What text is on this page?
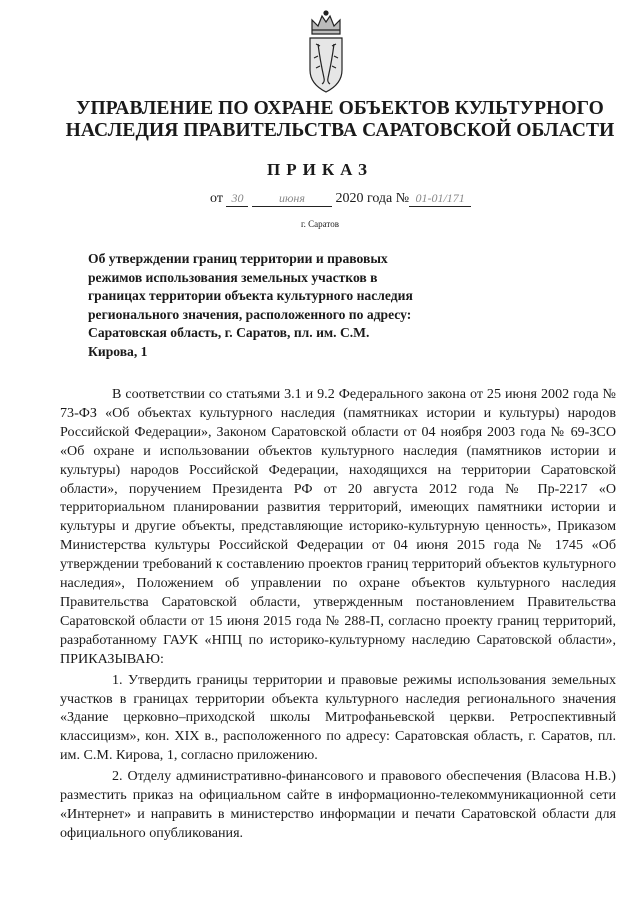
УПРАВЛЕНИЕ ПО ОХРАНЕ ОБЪЕКТОВ КУЛЬТУРНОГО
НАСЛЕДИЯ ПРАВИТЕЛЬСТВА САРАТОВСКОЙ ОБЛАСТИ
ПРИКАЗ
от 30	июня 2020 года № 01-01/171
г. Саратов
Об утверждении границ территории и правовых режимов использования земельных участков в границах территории объекта культурного наследия регионального значения, расположенного по адресу: Саратовская область, г. Саратов, пл. им. С.М. Кирова, 1

В соответствии со статьями 3.1 и 9.2 Федерального закона от 25 июня 2002 года № 73-ФЗ «Об объектах культурного наследия (памятниках истории и культуры) народов Российской Федерации», Законом Саратовской области от 04 ноября 2003 года № 69-ЗСО «Об охране и использовании объектов культурного наследия (памятников истории и культуры) народов Российской Федерации, находящихся на территории Саратовской области», поручением Президента РФ от 20 августа 2012 года № Пр-2217 «О территориальном планировании развития территорий, имеющих памятники истории и культуры и другие объекты, представляющие историко-культурную ценность», Приказом Министерства культуры Российской Федерации от 04 июня 2015 года № 1745 «Об утверждении требований к составлению проектов границ территорий объектов культурного наследия», Положением об управлении по охране объектов культурного наследия Правительства Саратовской области, утвержденным постановлением Правительства Саратовской области от 15 июня 2015 года № 288-П, согласно проекту границ территорий, разработанному ГАУК «НПЦ по историко-культурному наследию Саратовской области», ПРИКАЗЫВАЮ:

1. Утвердить границы территории и правовые режимы использования земельных участков в границах территории объекта культурного наследия регионального значения «Здание церковно–приходской школы Митрофаньевской церкви. Ретроспективный классицизм», кон. XIX в., расположенного по адресу: Саратовская область, г. Саратов, пл. им. С.М. Кирова, 1, согласно приложению.

2. Отделу административно-финансового и правового обеспечения (Власова Н.В.) разместить приказ на официальном сайте в информационно-телекоммуникационной сети «Интернет» и направить в министерство информации и печати Саратовской области для официального опубликования.
